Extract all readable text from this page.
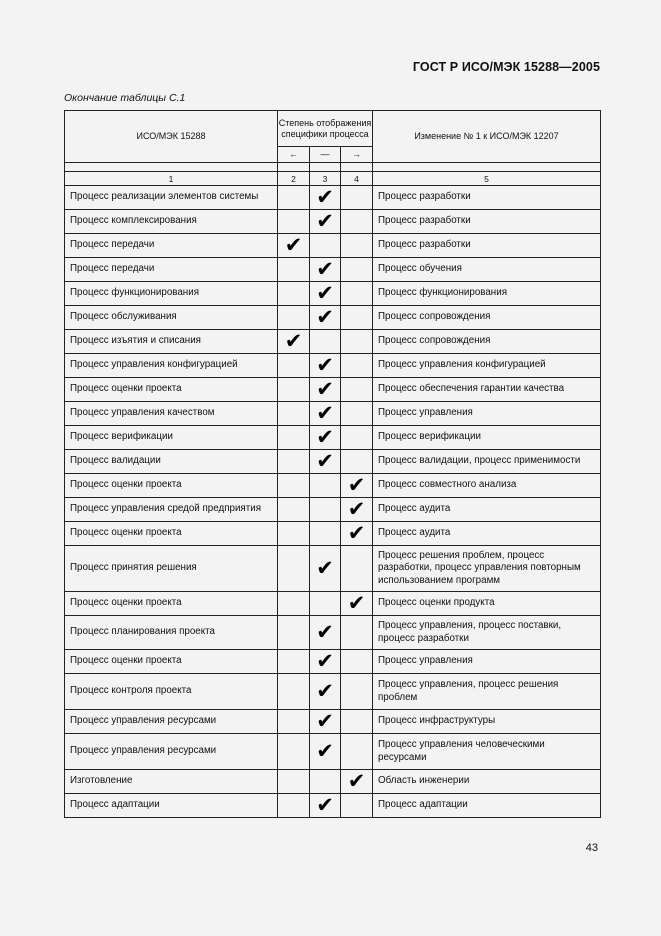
ГОСТ Р ИСО/МЭК 15288—2005
Окончание таблицы С.1
ИСО/МЭК 15288	Степень отображения специфики процесса			Изменение № 1 к ИСО/МЭК 12207
	←	—	→	

1	2	3	4	5
Процесс реализации элементов системы		✔		Процесс разработки
Процесс комплексирования		✔		Процесс разработки
Процесс передачи	✔			Процесс разработки
Процесс передачи		✔		Процесс обучения
Процесс функционирования		✔		Процесс функционирования
Процесс обслуживания		✔		Процесс сопровождения
Процесс изъятия и списания	✔			Процесс сопровождения
Процесс управления конфигурацией		✔		Процесс управления конфигурацией
Процесс оценки проекта		✔		Процесс обеспечения гарантии качества
Процесс управления качеством		✔		Процесс управления
Процесс верификации		✔		Процесс верификации
Процесс валидации		✔		Процесс валидации, процесс применимости
Процесс оценки проекта			✔	Процесс совместного анализа
Процесс управления средой предприятия			✔	Процесс аудита
Процесс оценки проекта			✔	Процесс аудита
Процесс принятия решения		✔		Процесс решения проблем, процесс разработки, процесс управления повторным использованием программ
Процесс оценки проекта			✔	Процесс оценки продукта
Процесс планирования проекта		✔		Процесс управления, процесс поставки, процесс разработки
Процесс оценки проекта		✔		Процесс управления
Процесс контроля проекта		✔		Процесс управления, процесс решения проблем
Процесс управления ресурсами		✔		Процесс инфраструктуры
Процесс управления ресурсами		✔		Процесс управления человеческими ресурсами
Изготовление			✔	Область инженерии
Процесс адаптации		✔		Процесс адаптации
43
